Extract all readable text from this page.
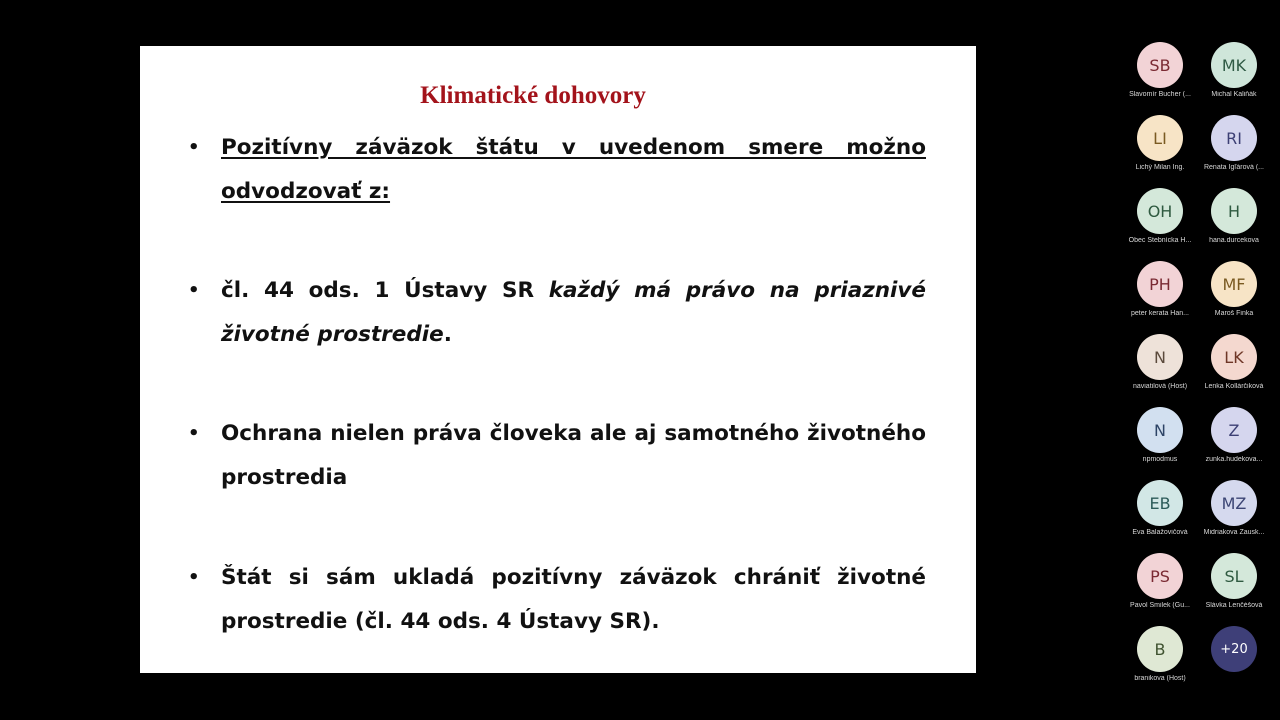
Klimatické dohovory
• Pozitívny záväzok štátu v uvedenom smere možno odvodzovať z:
• čl. 44 ods. 1 Ústavy SR každý má právo na priaznivé životné prostredie.
• Ochrana nielen práva človeka ale aj samotného životného prostredia
• Štát si sám ukladá pozitívny záväzok chrániť životné prostredie (čl. 44 ods. 4 Ústavy SR).
SB
Slavomír Bucher (...
MK
Michal Kaliňák
LI
Lichý Milan Ing.
RI
Renata Igľárová (...
OH
Obec Štebnícka H...
H
hana.durcekova
PH
peter kerata Han...
MF
Maroš Finka
N
naviatilová (Host)
LK
Lenka Kollárčiková
N
npmodmus
Z
zunka.hudekova...
EB
Eva Balažovičová
MZ
Midriakova Zausk...
PS
Pavol Smilek (Gu...
SL
Slávka Lenčéšová
B
branikova (Host)
+20
